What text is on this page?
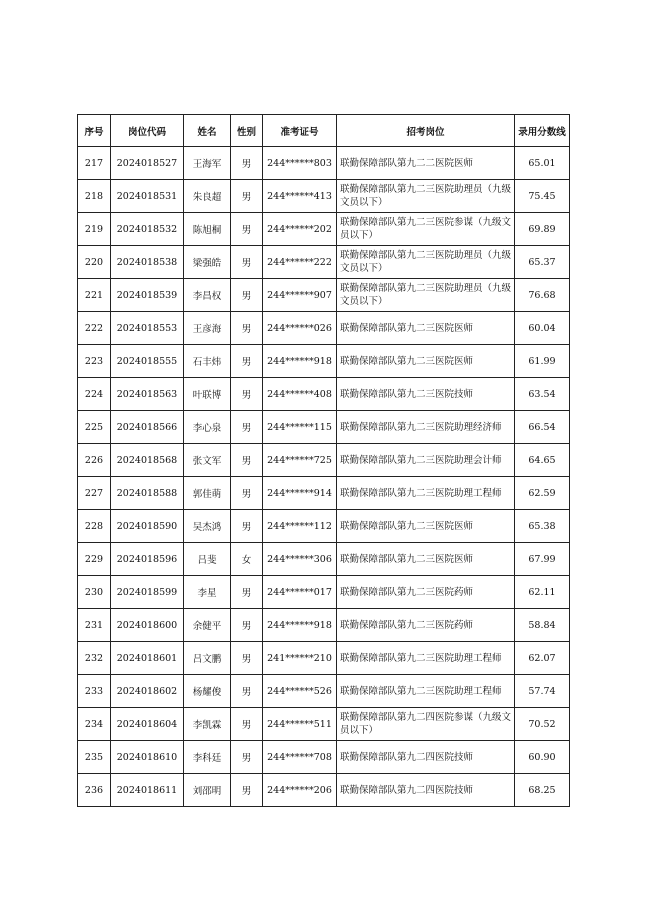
序号	岗位代码	姓名	性别	准考证号	招考岗位	录用分数线
217	2024018527	王海军	男	244******803	联勤保障部队第九二二医院医师	65.01
218	2024018531	朱良超	男	244******413	联勤保障部队第九二三医院助理员（九级文员以下）	75.45
219	2024018532	陈旭桐	男	244******202	联勤保障部队第九二三医院参谋（九级文员以下）	69.89
220	2024018538	梁强皓	男	244******222	联勤保障部队第九二三医院助理员（九级文员以下）	65.37
221	2024018539	李昌权	男	244******907	联勤保障部队第九二三医院助理员（九级文员以下）	76.68
222	2024018553	王彦海	男	244******026	联勤保障部队第九二三医院医师	60.04
223	2024018555	石丰炜	男	244******918	联勤保障部队第九二三医院医师	61.99
224	2024018563	叶联博	男	244******408	联勤保障部队第九二三医院技师	63.54
225	2024018566	李心泉	男	244******115	联勤保障部队第九二三医院助理经济师	66.54
226	2024018568	张文军	男	244******725	联勤保障部队第九二三医院助理会计师	64.65
227	2024018588	郭佳萌	男	244******914	联勤保障部队第九二三医院助理工程师	62.59
228	2024018590	吴杰鸿	男	244******112	联勤保障部队第九二三医院医师	65.38
229	2024018596	吕斐	女	244******306	联勤保障部队第九二三医院医师	67.99
230	2024018599	李星	男	244******017	联勤保障部队第九二三医院药师	62.11
231	2024018600	余健平	男	244******918	联勤保障部队第九二三医院药师	58.84
232	2024018601	吕文鹏	男	241******210	联勤保障部队第九二三医院助理工程师	62.07
233	2024018602	杨耀俊	男	244******526	联勤保障部队第九二三医院助理工程师	57.74
234	2024018604	李凯霖	男	244******511	联勤保障部队第九二四医院参谋（九级文员以下）	70.52
235	2024018610	李科廷	男	244******708	联勤保障部队第九二四医院技师	60.90
236	2024018611	刘邵明	男	244******206	联勤保障部队第九二四医院技师	68.25
